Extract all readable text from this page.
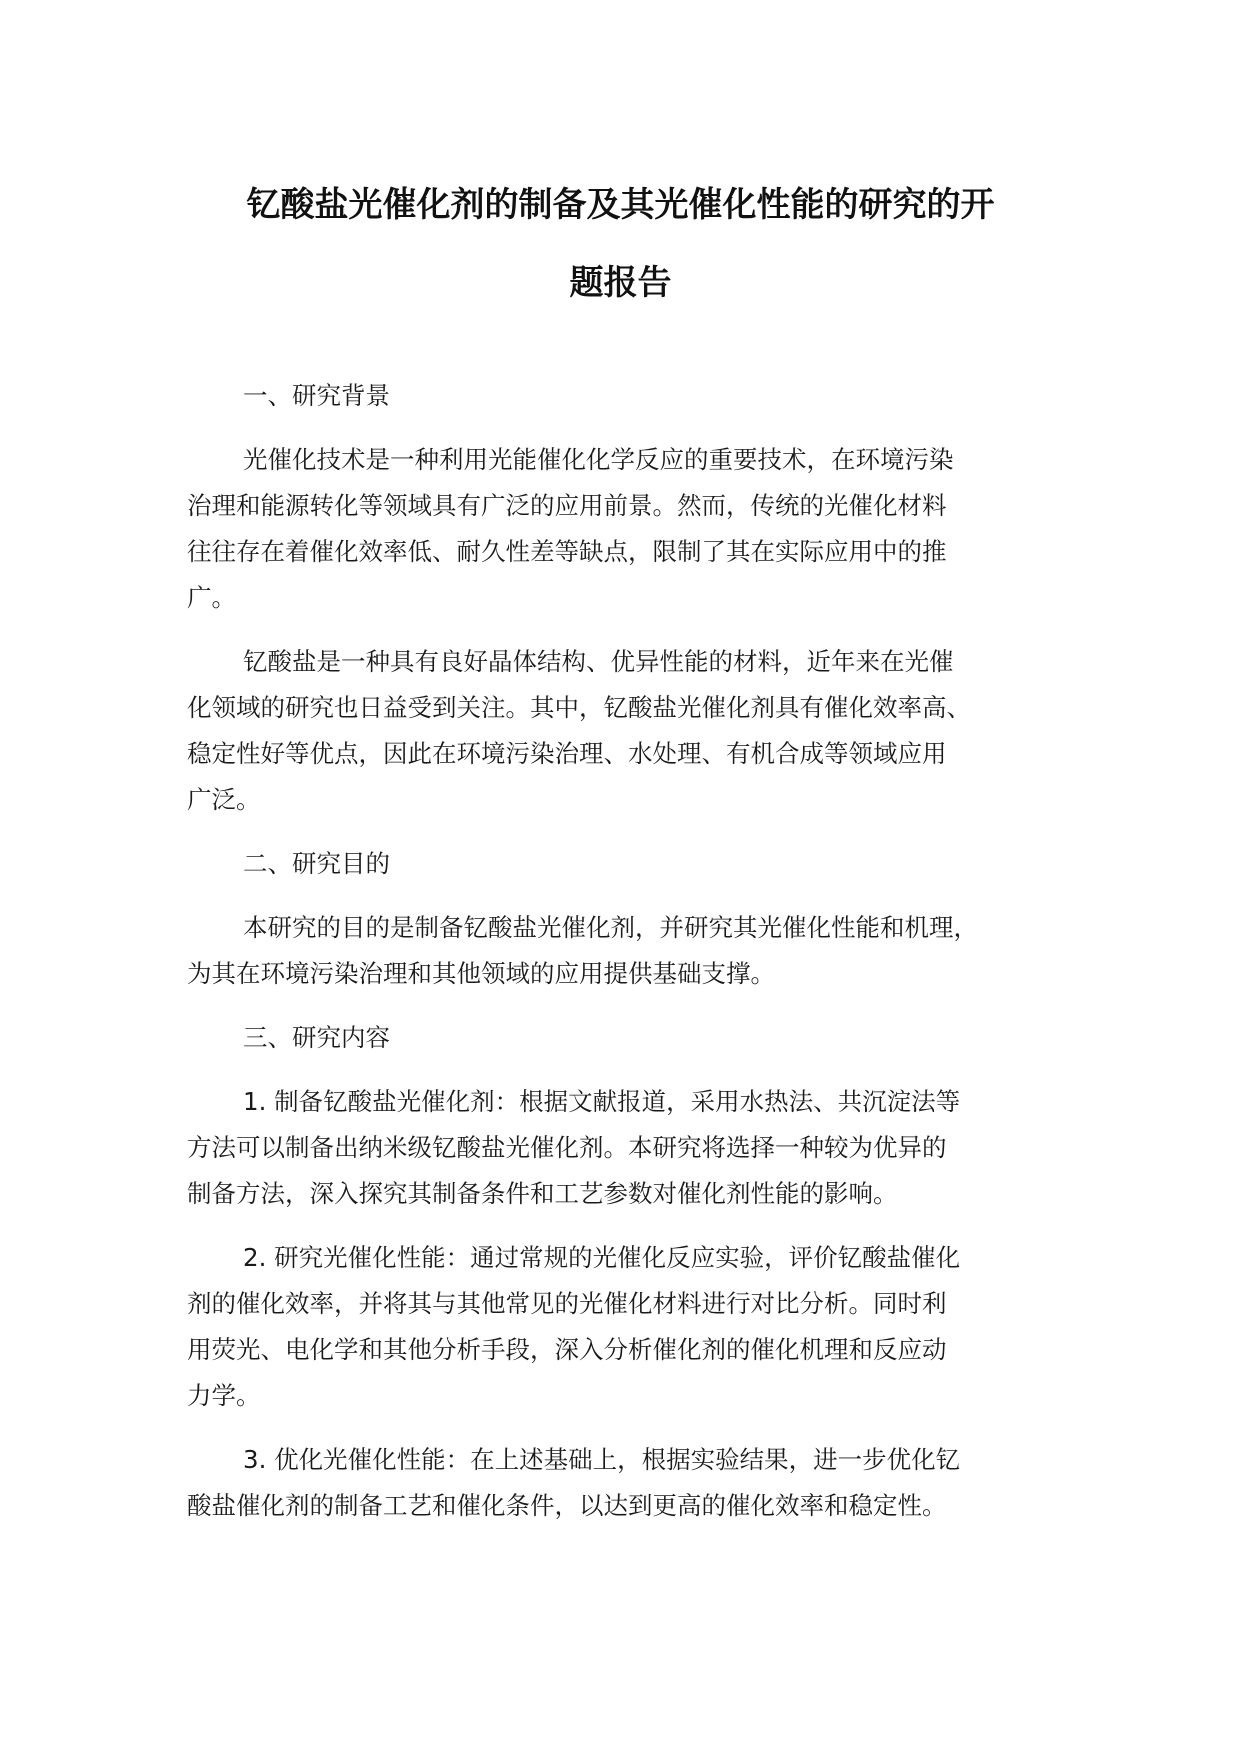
钇酸盐光催化剂的制备及其光催化性能的研究的开
题报告
一、研究背景
光催化技术是一种利用光能催化化学反应的重要技术，在环境污染
治理和能源转化等领域具有广泛的应用前景。然而，传统的光催化材料
往往存在着催化效率低、耐久性差等缺点，限制了其在实际应用中的推
广。
钇酸盐是一种具有良好晶体结构、优异性能的材料，近年来在光催
化领域的研究也日益受到关注。其中，钇酸盐光催化剂具有催化效率高、
稳定性好等优点，因此在环境污染治理、水处理、有机合成等领域应用
广泛。
二、研究目的
本研究的目的是制备钇酸盐光催化剂，并研究其光催化性能和机理，
为其在环境污染治理和其他领域的应用提供基础支撑。
三、研究内容
1. 制备钇酸盐光催化剂：根据文献报道，采用水热法、共沉淀法等
方法可以制备出纳米级钇酸盐光催化剂。本研究将选择一种较为优异的
制备方法，深入探究其制备条件和工艺参数对催化剂性能的影响。
2. 研究光催化性能：通过常规的光催化反应实验，评价钇酸盐催化
剂的催化效率，并将其与其他常见的光催化材料进行对比分析。同时利
用荧光、电化学和其他分析手段，深入分析催化剂的催化机理和反应动
力学。
3. 优化光催化性能：在上述基础上，根据实验结果，进一步优化钇
酸盐催化剂的制备工艺和催化条件，以达到更高的催化效率和稳定性。
